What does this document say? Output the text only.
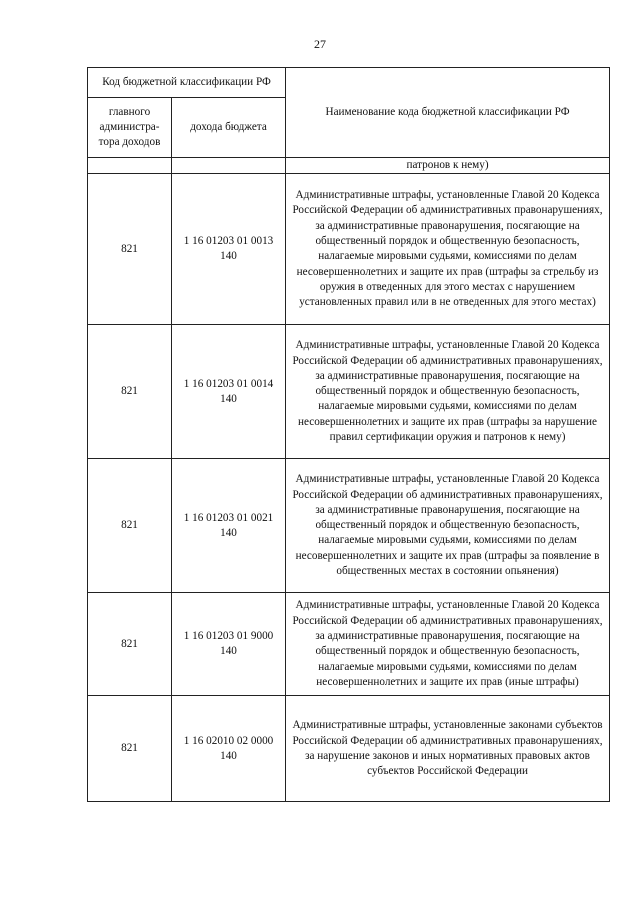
27
Код бюджетной классификации РФ		Наименование кода бюджетной классификации РФ
главного администра-тора доходов	дохода бюджета	
		патронов к нему)
821	1 16 01203 01 0013 140	Административные штрафы, установленные Главой 20 Кодекса Российской Федерации об административных правонарушениях, за административные правонарушения, посягающие на общественный порядок и общественную безопасность, налагаемые мировыми судьями, комиссиями по делам несовершеннолетних и защите их прав (штрафы за стрельбу из оружия в отведенных для этого местах с нарушением установленных правил или в не отведенных для этого местах)
821	1 16 01203 01 0014 140	Административные штрафы, установленные Главой 20 Кодекса Российской Федерации об административных правонарушениях, за административные правонарушения, посягающие на общественный порядок и общественную безопасность, налагаемые мировыми судьями, комиссиями по делам несовершеннолетних и защите их прав (штрафы за нарушение правил сертификации оружия и патронов к нему)
821	1 16 01203 01 0021 140	Административные штрафы, установленные Главой 20 Кодекса Российской Федерации об административных правонарушениях, за административные правонарушения, посягающие на общественный порядок и общественную безопасность, налагаемые мировыми судьями, комиссиями по делам несовершеннолетних и защите их прав (штрафы за появление в общественных местах в состоянии опьянения)
821	1 16 01203 01 9000 140	Административные штрафы, установленные Главой 20 Кодекса Российской Федерации об административных правонарушениях, за административные правонарушения, посягающие на общественный порядок и общественную безопасность, налагаемые мировыми судьями, комиссиями по делам несовершеннолетних и защите их прав (иные штрафы)
821	1 16 02010 02 0000 140	Административные штрафы, установленные законами субъектов Российской Федерации об административных правонарушениях, за нарушение законов и иных нормативных правовых актов субъектов Российской Федерации
